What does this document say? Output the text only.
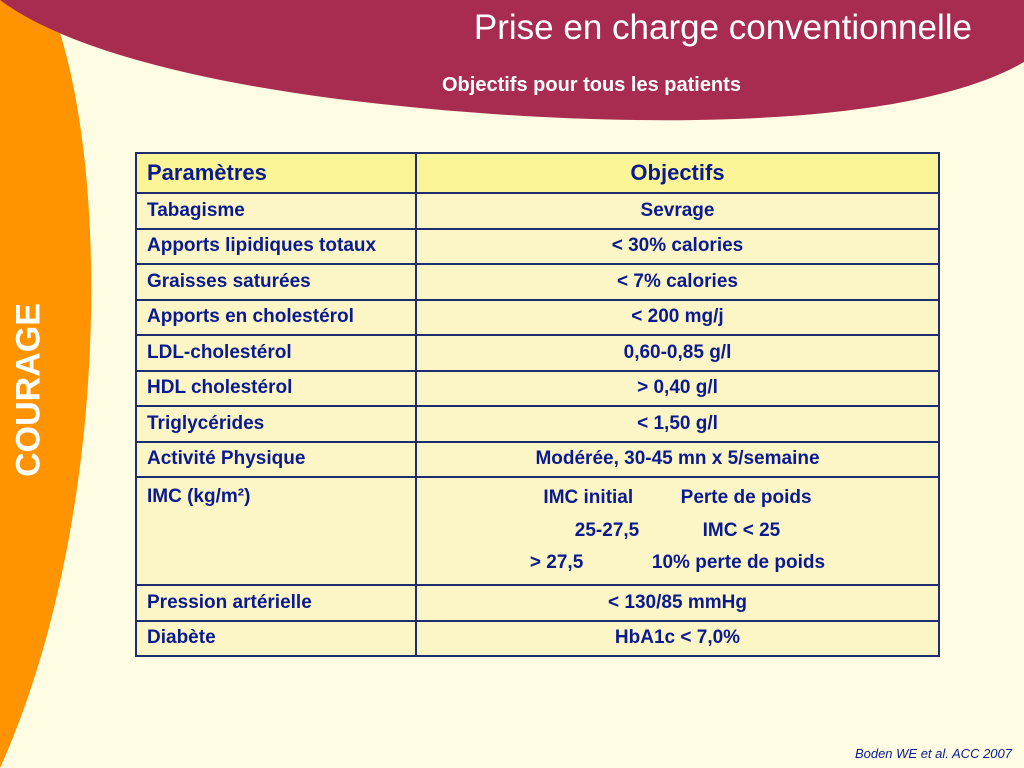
Prise en charge conventionnelle
Objectifs pour tous les patients
COURAGE
Paramètres	Objectifs
Tabagisme	Sevrage
Apports lipidiques totaux	< 30% calories
Graisses saturées	< 7% calories
Apports en cholestérol	< 200 mg/j
LDL-cholestérol	0,60-0,85 g/l
HDL cholestérol	> 0,40 g/l
Triglycérides	< 1,50 g/l
Activité Physique	Modérée, 30-45 mn x 5/semaine
IMC (kg/m²)	IMC initial         Perte de poids
25-27,5            IMC < 25
> 27,5             10% perte de poids

Pression artérielle	< 130/85 mmHg
Diabète	HbA1c < 7,0%
Boden WE et al. ACC 2007
